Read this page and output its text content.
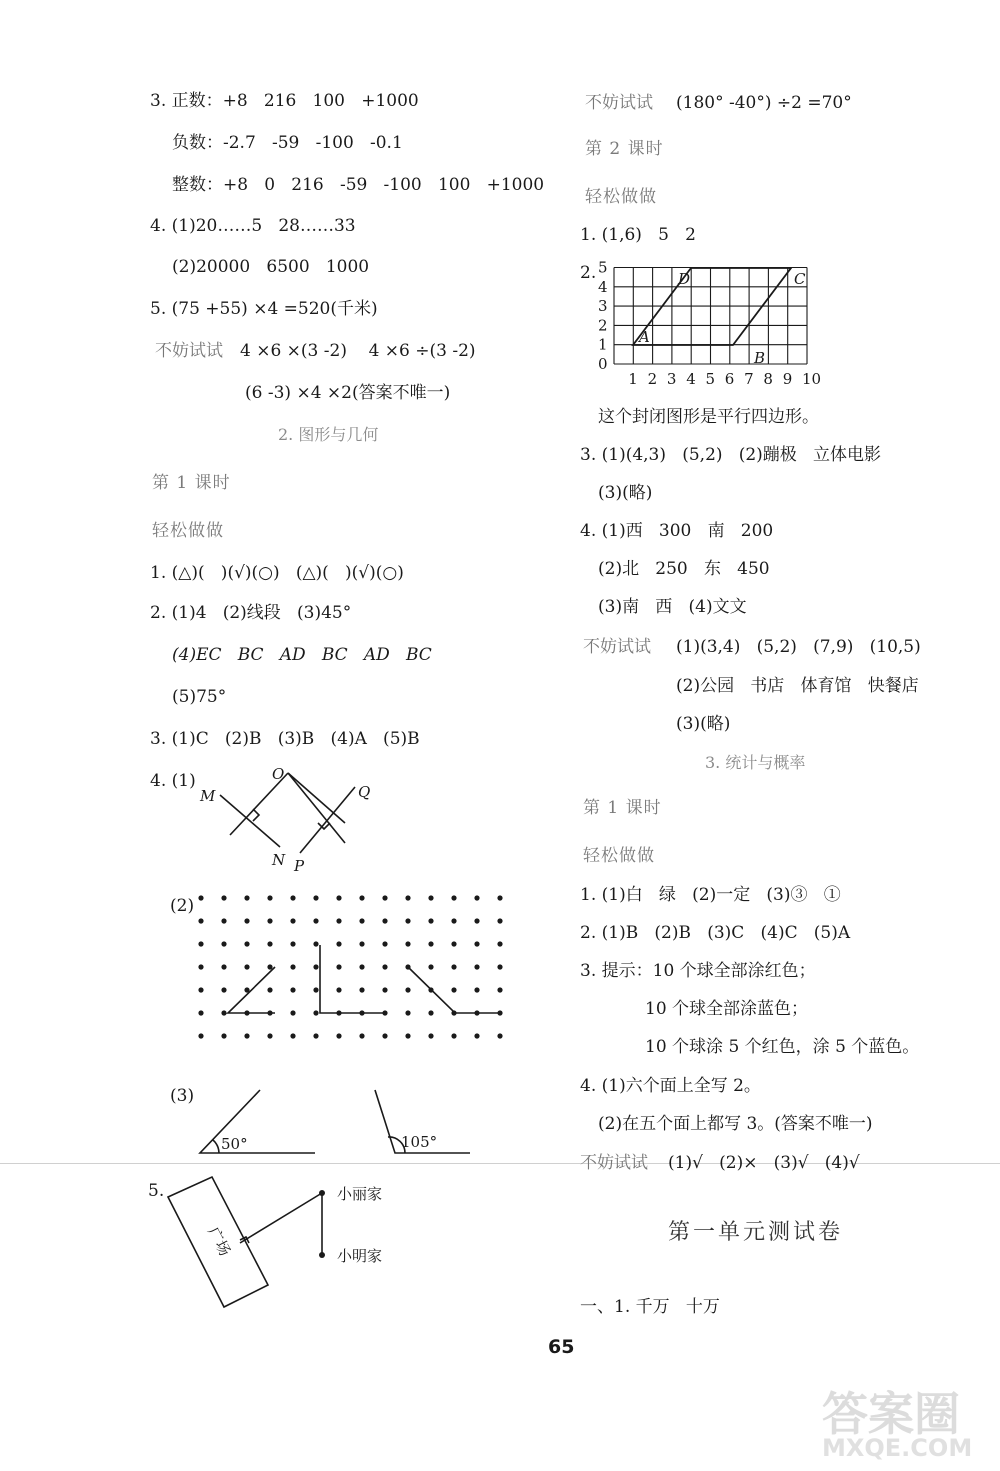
3. 正数：+8   216   100   +1000
负数：-2.7   -59   -100   -0.1
整数：+8   0   216   -59   -100   100   +1000
4. (1)20……5   28……33
(2)20000   6500   1000
5. (75 +55) ×4 =520(千米)
不妨试试 4 ×6 ×(3 -2)    4 ×6 ÷(3 -2)
(6 -3) ×4 ×2(答案不唯一)
2. 图形与几何
第 1 课时
轻松做做
1. (△)(   )(√)(○)   (△)(   )(√)(○)
2. (1)4   (2)线段   (3)45°
(4)EC   BC   AD   BC   AD   BC
(5)75°
3. (1)C   (2)B   (3)B   (4)A   (5)B
4. (1)
M
O
Q
N P
(2)
(3)
50°	105°
5.
广场
小丽家
小明家
不妨试试 (180° -40°) ÷2 =70°
第 2 课时
轻松做做
1. (1,6)   5   2
2. 5
4
3
2
1
0
1 2 3 4 5 6 7 8 9 10
A
B
C
D
这个封闭图形是平行四边形。
3. (1)(4,3)   (5,2)   (2)蹦极   立体电影
(3)(略)
4. (1)西   300   南   200
(2)北   250   东   450
(3)南   西   (4)文文
不妨试试 (1)(3,4)   (5,2)   (7,9)   (10,5)
(2)公园   书店   体育馆   快餐店
(3)(略)
3. 统计与概率
第 1 课时
轻松做做
1. (1)白   绿   (2)一定   (3)③   ①
2. (1)B   (2)B   (3)C   (4)C   (5)A
3. 提示：10 个球全部涂红色；
10 个球全部涂蓝色；
10 个球涂 5 个红色，涂 5 个蓝色。
4. (1)六个面上全写 2。
(2)在五个面上都写 3。(答案不唯一)
不妨试试 (1)√   (2)×   (3)√   (4)√
第一单元测试卷
一、1. 千万   十万
65
答案圈
MXQE.COM
